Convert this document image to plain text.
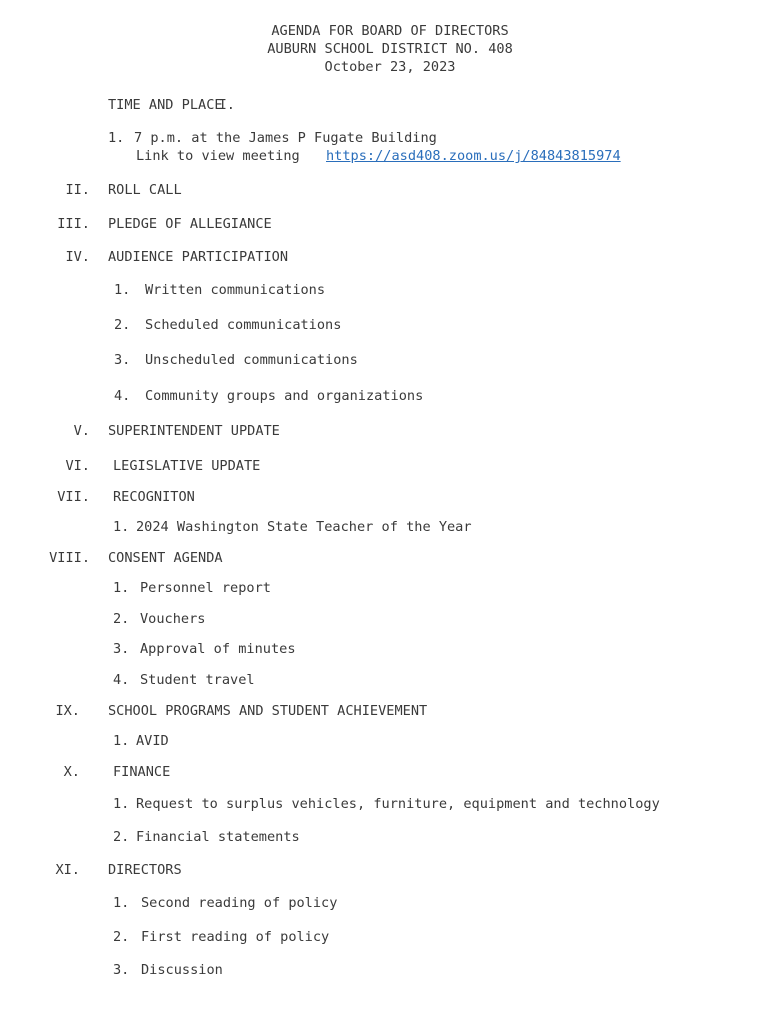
AGENDA FOR BOARD OF DIRECTORS
AUBURN SCHOOL DISTRICT NO. 408
October 23, 2023
I.
TIME AND PLACE
1. 7 p.m. at the James P Fugate Building
Link to view meeting https://asd408.zoom.us/j/84843815974
II. ROLL CALL
III. PLEDGE OF ALLEGIANCE
IV. AUDIENCE PARTICIPATION
1. Written communications
2. Scheduled communications
3. Unscheduled communications
4. Community groups and organizations
V. SUPERINTENDENT UPDATE
VI. LEGISLATIVE UPDATE
VII. RECOGNITON
1. 2024 Washington State Teacher of the Year
VIII. CONSENT AGENDA
1. Personnel report
2. Vouchers
3. Approval of minutes
4. Student travel
IX. SCHOOL PROGRAMS AND STUDENT ACHIEVEMENT
1. AVID
X. FINANCE
1. Request to surplus vehicles, furniture, equipment and technology
2. Financial statements
XI. DIRECTORS
1. Second reading of policy
2. First reading of policy
3. Discussion
